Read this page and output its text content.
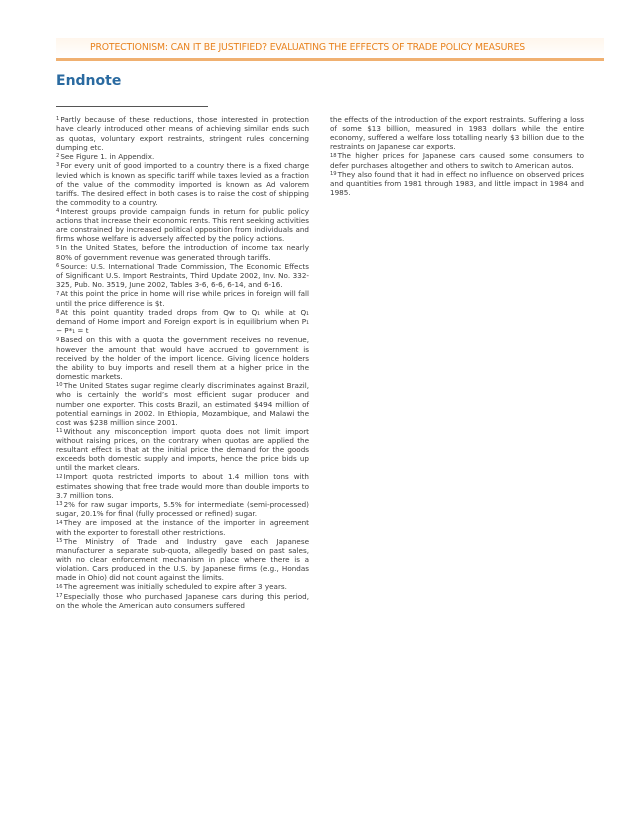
PROTECTIONISM: CAN IT BE JUSTIFIED? EVALUATING THE EFFECTS OF TRADE POLICY MEASURES
Endnote

$^1$Partly because of these reductions, those interested in protection have clearly introduced other means of achieving similar ends such as quotas, voluntary export restraints, stringent rules concerning dumping etc.

$^2$See Figure 1. in Appendix.

$^3$For every unit of good imported to a country there is a fixed charge levied which is known as specific tariff while taxes levied as a fraction of the value of the commodity imported is known as Ad valorem tariffs. The desired effect in both cases is to raise the cost of shipping the commodity to a country.

$^4$Interest groups provide campaign funds in return for public policy actions that increase their economic rents. This rent seeking activities are constrained by increased political opposition from individuals and firms whose welfare is adversely affected by the policy actions.

$^5$In the United States, before the introduction of income tax nearly 80% of government revenue was generated through tariffs.

$^6$Source: U.S. International Trade Commission, The Economic Effects of Significant U.S. Import Restraints, Third Update 2002, Inv. No. 332-325, Pub. No. 3519, June 2002, Tables 3-6, 6-6, 6-14, and 6-16.

$^7$At this point the price in home will rise while prices in foreign will fall until the price difference is $t.

$^8$At this point quantity traded drops from Qw to Q₁ while at Q₁ demand of Home import and Foreign export is in equilibrium when P₁ − P*₁ = t

$^9$Based on this with a quota the government receives no revenue, however the amount that would have accrued to government is received by the holder of the import licence. Giving licence holders the ability to buy imports and resell them at a higher price in the domestic markets.

$^{10}$The United States sugar regime clearly discriminates against Brazil, who is certainly the world’s most efficient sugar producer and number one exporter. This costs Brazil, an estimated $494 million of potential earnings in 2002. In Ethiopia, Mozambique, and Malawi the cost was $238 million since 2001.

$^{11}$Without any misconception import quota does not limit import without raising prices, on the contrary when quotas are applied the resultant effect is that at the initial price the demand for the goods exceeds both domestic supply and imports, hence the price bids up until the market clears.

$^{12}$Import quota restricted imports to about 1.4 million tons with estimates showing that free trade would more than double imports to 3.7 million tons.

$^{13}$2% for raw sugar imports, 5.5% for intermediate (semi-processed) sugar, 20.1% for final (fully processed or refined) sugar.

$^{14}$They are imposed at the instance of the importer in agreement with the exporter to forestall other restrictions.

$^{15}$The Ministry of Trade and Industry gave each Japanese manufacturer a separate sub-quota, allegedly based on past sales, with no clear enforcement mechanism in place where there is a violation. Cars produced in the U.S. by Japanese firms (e.g., Hondas made in Ohio) did not count against the limits.

$^{16}$The agreement was initially scheduled to expire after 3 years.

$^{17}$Especially those who purchased Japanese cars during this period, on the whole the American auto consumers suffered

the effects of the introduction of the export restraints. Suffering a loss of some $13 billion, measured in 1983 dollars while the entire economy, suffered a welfare loss totalling nearly $3 billion due to the restraints on Japanese car exports.

$^{18}$The higher prices for Japanese cars caused some consumers to defer purchases altogether and others to switch to American autos.

$^{19}$They also found that it had in effect no influence on observed prices and quantities from 1981 through 1983, and little impact in 1984 and 1985.
